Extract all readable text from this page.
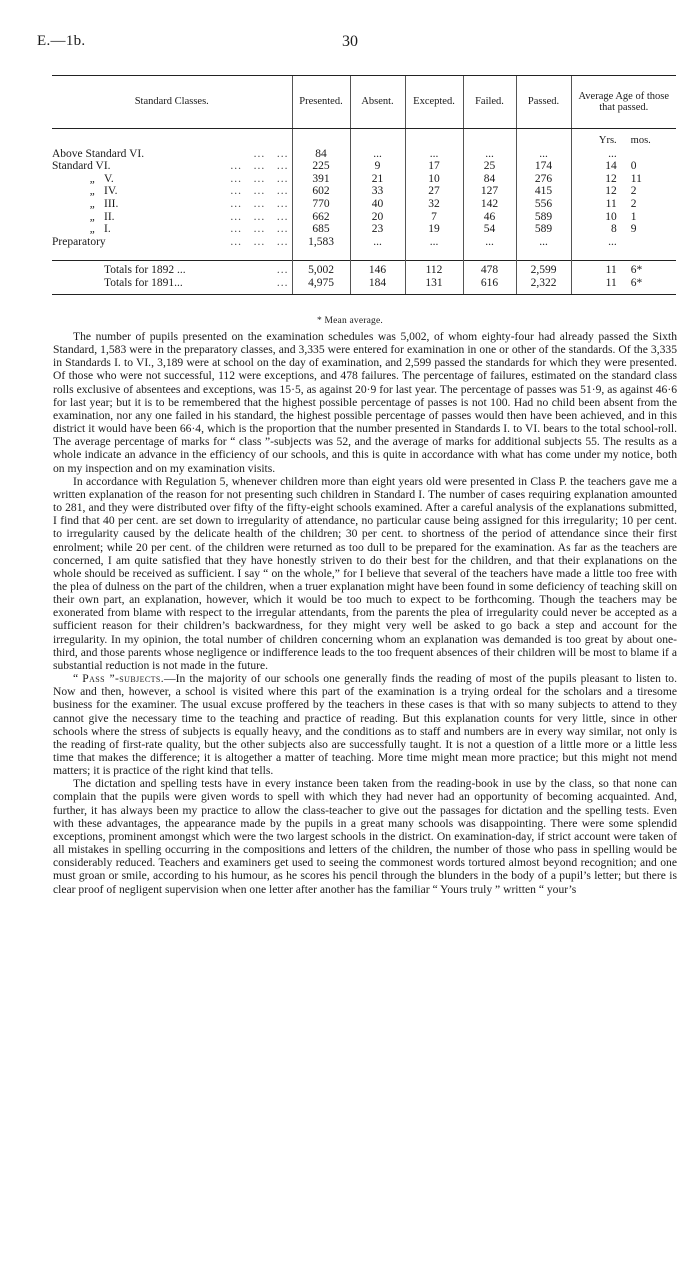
E.—1b.	30
Standard Classes.	Presented.	Absent.	Excepted.	Failed.	Passed.	Average Age of those that passed.

						Yrs. mos.

Above Standard VI. ...   ...	84	...	...	...	...	...

Standard VI. ...   ...   ...	225	9	17	25	174	14 0

„ V. ...   ...   ...	391	21	10	84	276	12 11

„ IV. ...   ...   ...	602	33	27	127	415	12 2

„ III. ...   ...   ...	770	40	32	142	556	11 2

„ II. ...   ...   ...	662	20	7	46	589	10 1

„ I. ...   ...   ...	685	23	19	54	589	8 9

Preparatory ...   ...   ...	1,583	...	...	...	...	...

Totals for 1892 ... ...	5,002	146	112	478	2,599	11 6*

Totals for 1891... ...	4,975	184	131	616	2,322	11 6*
* Mean average.

The number of pupils presented on the examination schedules was 5,002, of whom eighty-four had already passed the Sixth Standard, 1,583 were in the preparatory classes, and 3,335 were entered for examination in one or other of the standards. Of the 3,335 in Standards I. to VI., 3,189 were at school on the day of examination, and 2,599 passed the standards for which they were presented. Of those who were not successful, 112 were exceptions, and 478 failures. The percentage of failures, estimated on the standard class rolls exclusive of absentees and exceptions, was 15·5, as against 20·9 for last year. The percentage of passes was 51·9, as against 46·6 for last year; but it is to be remembered that the highest possible percentage of passes is not 100. Had no child been absent from the examination, nor any one failed in his standard, the highest possible percentage of passes would then have been achieved, and in this district it would have been 66·4, which is the proportion that the number presented in Standards I. to VI. bears to the total school-roll. The average percentage of marks for “ class ”-subjects was 52, and the average of marks for additional subjects 55. The results as a whole indicate an advance in the efficiency of our schools, and this is quite in accordance with what has come under my notice, both on my inspection and on my examination visits.

In accordance with Regulation 5, whenever children more than eight years old were presented in Class P. the teachers gave me a written explanation of the reason for not presenting such children in Standard I. The number of cases requiring explanation amounted to 281, and they were distributed over fifty of the fifty-eight schools examined. After a careful analysis of the explanations submitted, I find that 40 per cent. are set down to irregularity of attendance, no particular cause being assigned for this irregularity; 10 per cent. to irregularity caused by the delicate health of the children; 30 per cent. to shortness of the period of attendance since their first enrolment; while 20 per cent. of the children were returned as too dull to be prepared for the examination. As far as the teachers are concerned, I am quite satisfied that they have honestly striven to do their best for the children, and that their explanations on the whole should be received as sufficient. I say “ on the whole,” for I believe that several of the teachers have made a little too free with the plea of dulness on the part of the children, when a truer explanation might have been found in some deficiency of teaching skill on their own part, an explanation, however, which it would be too much to expect to be forthcoming. Though the teachers may be exonerated from blame with respect to the irregular attendants, from the parents the plea of irregularity could never be accepted as a sufficient reason for their children’s backwardness, for they might very well be asked to go back a step and account for the irregularity. In my opinion, the total number of children concerning whom an explanation was demanded is too great by about one-third, and those parents whose negligence or indifference leads to the too frequent absences of their children will be most to blame if a substantial reduction is not made in the future.

“ Pass ”-subjects.—In the majority of our schools one generally finds the reading of most of the pupils pleasant to listen to. Now and then, however, a school is visited where this part of the examination is a trying ordeal for the scholars and a tiresome business for the examiner. The usual excuse proffered by the teachers in these cases is that with so many subjects to attend to they cannot give the necessary time to the teaching and practice of reading. But this explanation counts for very little, since in other schools where the stress of subjects is equally heavy, and the conditions as to staff and numbers are in every way similar, not only is the reading of first-rate quality, but the other subjects also are successfully taught. It is not a question of a little more or a little less time that makes the difference; it is altogether a matter of teaching. More time might mean more practice; but this might not mend matters; it is practice of the right kind that tells.

The dictation and spelling tests have in every instance been taken from the reading-book in use by the class, so that none can complain that the pupils were given words to spell with which they had never had an opportunity of becoming acquainted. And, further, it has always been my practice to allow the class-teacher to give out the passages for dictation and the spelling tests. Even with these advantages, the appearance made by the pupils in a great many schools was disappointing. There were some splendid exceptions, prominent amongst which were the two largest schools in the district. On examination-day, if strict account were taken of all mistakes in spelling occurring in the compositions and letters of the children, the number of those who pass in spelling would be considerably reduced. Teachers and examiners get used to seeing the commonest words tortured almost beyond recognition; and one must groan or smile, according to his humour, as he scores his pencil through the blunders in the body of a pupil’s letter; but there is clear proof of negligent supervision when one letter after another has the familiar “ Yours truly ” written “ your’s
